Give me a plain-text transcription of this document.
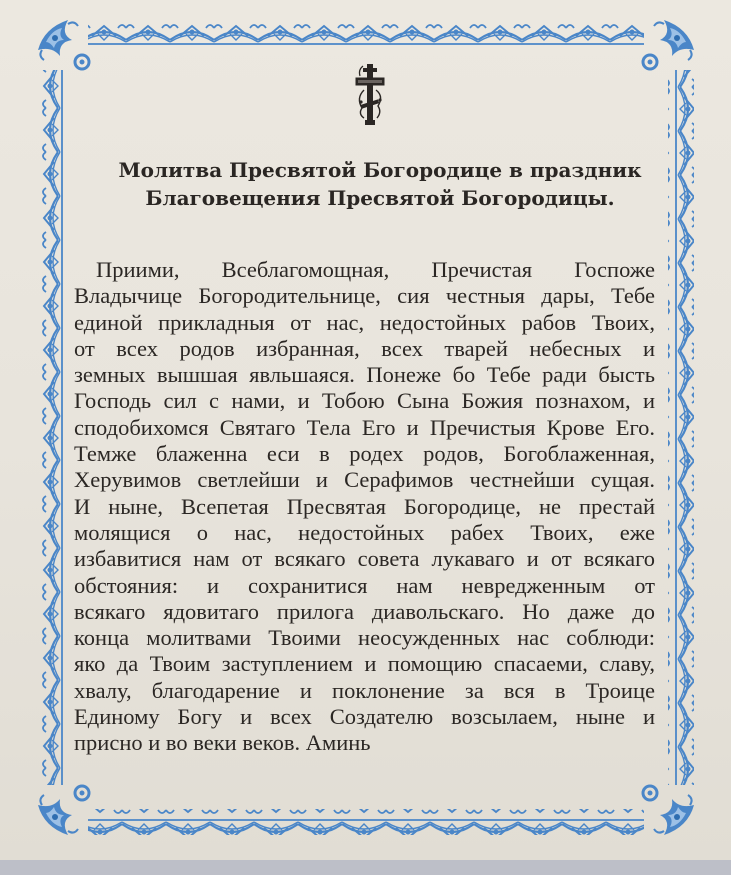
Молитва Пресвятой Богородице в праздник
Благовещения Пресвятой Богородицы.
Приими, Всеблагомощная, Пречистая Госпоже
Владычице Богородительнице, сия честныя дары, Тебе
единой прикладныя от нас, недостойных рабов Твоих,
от всех родов избранная, всех тварей небесных и
земных вышшая явльшаяся. Понеже бо Тебе ради бысть
Господь сил с нами, и Тобою Сына Божия познахом, и
сподобихомся Святаго Тела Его и Пречистыя Крове Его.
Темже блаженна еси в родех родов, Богоблаженная,
Херувимов светлейши и Серафимов честнейши сущая.
И ныне, Всепетая Пресвятая Богородице, не престай
молящися о нас, недостойных рабех Твоих, еже
избавитися нам от всякаго совета лукаваго и от всякаго
обстояния: и сохранитися нам невредженным от
всякаго ядовитаго прилога диавольскаго. Но даже до
конца молитвами Твоими неосужденных нас соблюди:
яко да Твоим заступлением и помощию спасаеми, славу,
хвалу, благодарение и поклонение за вся в Троице
Единому Богу и всех Создателю возсылаем, ныне и
присно и во веки веков. Аминь
